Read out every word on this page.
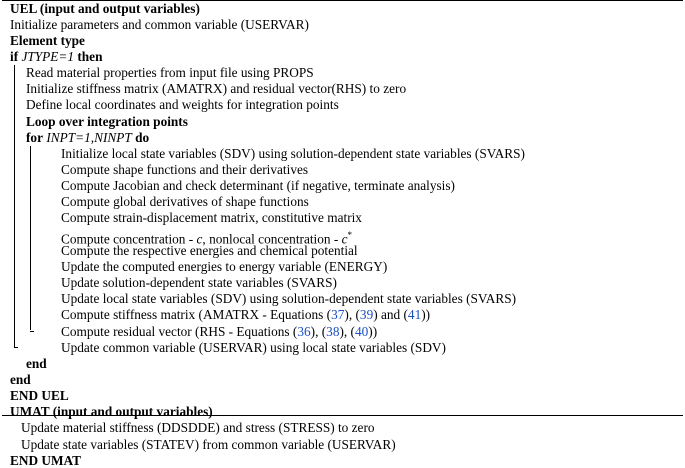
UEL (input and output variables)
Initialize parameters and common variable (USERVAR)
Element type
if JTYPE=1 then
Read material properties from input file using PROPS
Initialize stiffness matrix (AMATRX) and residual vector(RHS) to zero
Define local coordinates and weights for integration points
Loop over integration points
for INPT=1,NINPT do
Initialize local state variables (SDV) using solution-dependent state variables (SVARS)
Compute shape functions and their derivatives
Compute Jacobian and check determinant (if negative, terminate analysis)
Compute global derivatives of shape functions
Compute strain-displacement matrix, constitutive matrix
Compute concentration - c, nonlocal concentration - c*
Compute the respective energies and chemical potential
Update the computed energies to energy variable (ENERGY)
Update solution-dependent state variables (SVARS)
Update local state variables (SDV) using solution-dependent state variables (SVARS)
Compute stiffness matrix (AMATRX - Equations (37), (39) and (41))
Compute residual vector (RHS - Equations (36), (38), (40))
Update common variable (USERVAR) using local state variables (SDV)
end
end
END UEL
UMAT (input and output variables)
Update material stiffness (DDSDDE) and stress (STRESS) to zero
Update state variables (STATEV) from common variable (USERVAR)
END UMAT
